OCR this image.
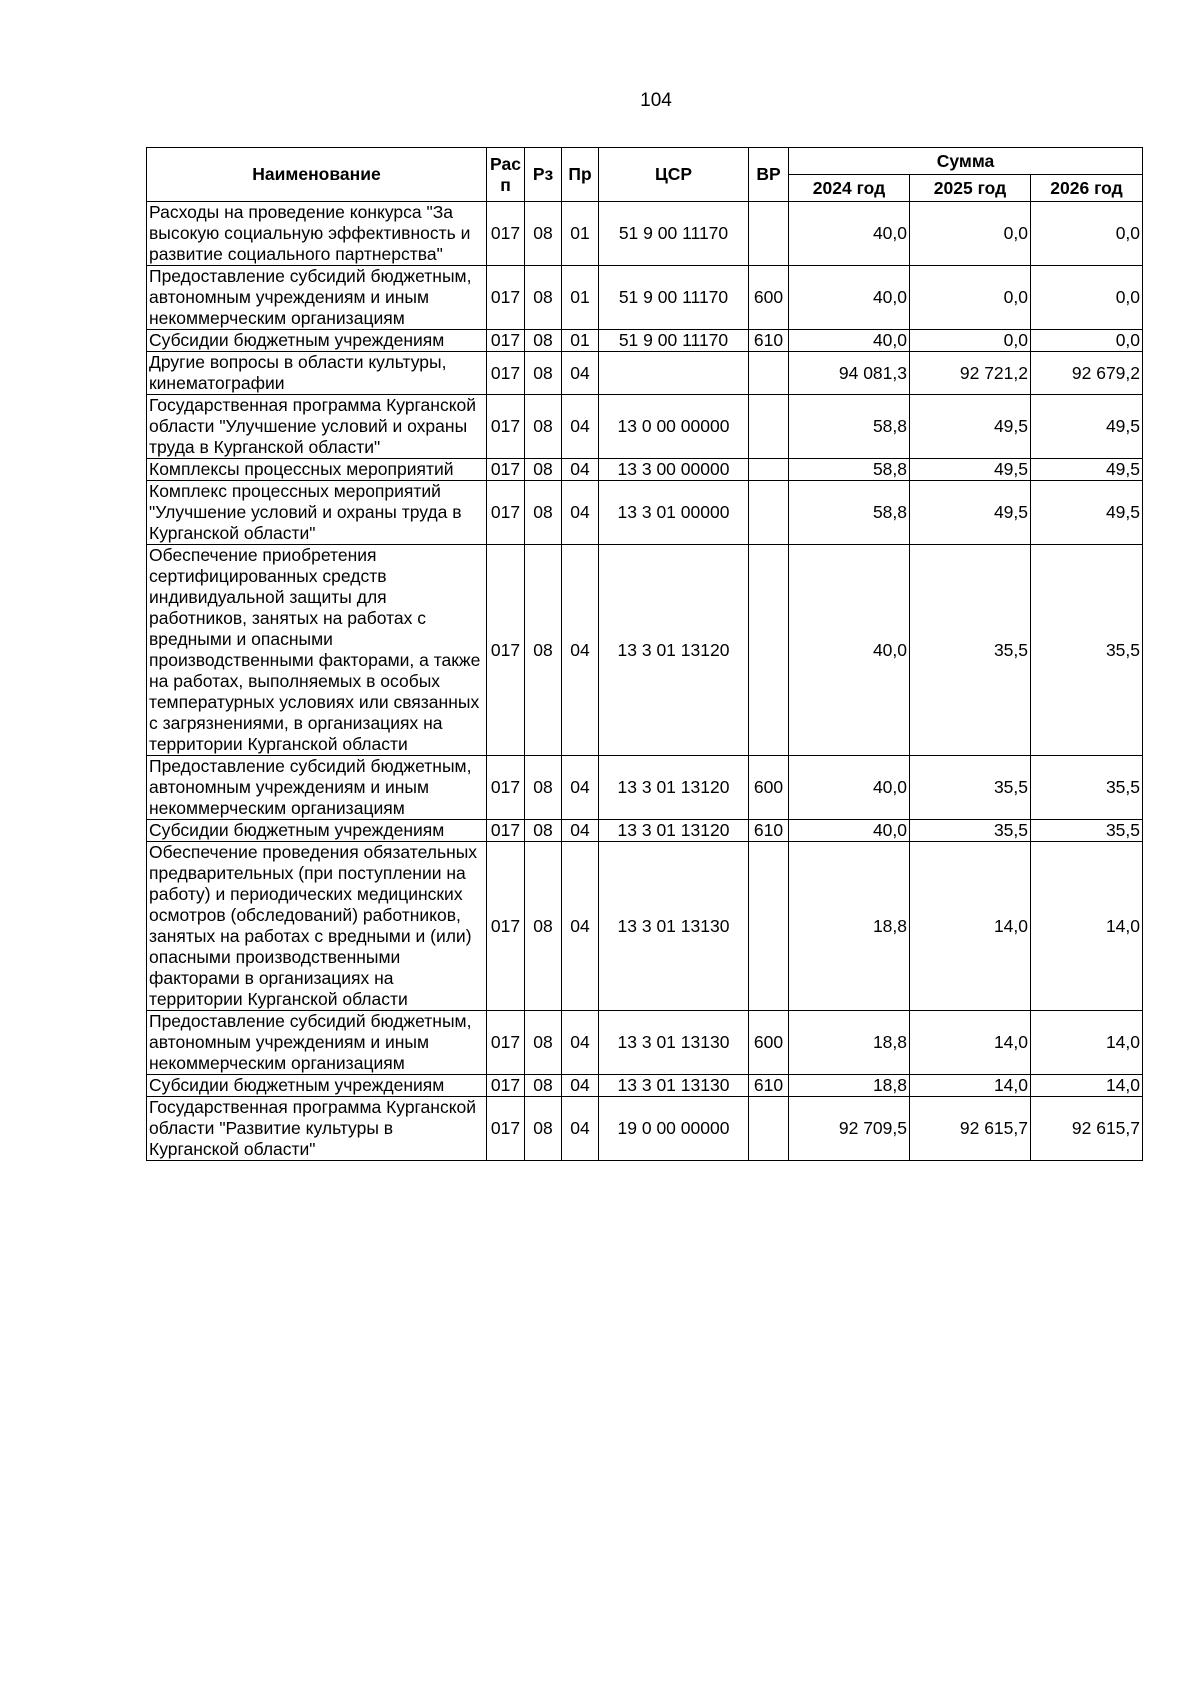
104
Наименование	Рас п	Рз	Пр	ЦСР	ВР	Сумма		
						2024 год	2025 год	2026 год
Расходы на проведение конкурса "За высокую социальную эффективность и развитие социального партнерства"	017	08	01	51 9 00 11170		40,0	0,0	0,0
Предоставление субсидий бюджетным, автономным учреждениям и иным некоммерческим организациям	017	08	01	51 9 00 11170	600	40,0	0,0	0,0
Субсидии бюджетным учреждениям	017	08	01	51 9 00 11170	610	40,0	0,0	0,0
Другие вопросы в области культуры, кинематографии	017	08	04			94 081,3	92 721,2	92 679,2
Государственная программа Курганской области "Улучшение условий и охраны труда в Курганской области"	017	08	04	13 0 00 00000		58,8	49,5	49,5
Комплексы процессных мероприятий	017	08	04	13 3 00 00000		58,8	49,5	49,5
Комплекс процессных мероприятий "Улучшение условий и охраны труда в Курганской области"	017	08	04	13 3 01 00000		58,8	49,5	49,5
Обеспечение приобретения сертифицированных средств индивидуальной защиты для работников, занятых на работах с вредными и опасными производственными факторами, а также на работах, выполняемых в особых температурных условиях или связанных с загрязнениями, в организациях на территории Курганской области	017	08	04	13 3 01 13120		40,0	35,5	35,5
Предоставление субсидий бюджетным, автономным учреждениям и иным некоммерческим организациям	017	08	04	13 3 01 13120	600	40,0	35,5	35,5
Субсидии бюджетным учреждениям	017	08	04	13 3 01 13120	610	40,0	35,5	35,5
Обеспечение проведения обязательных предварительных (при поступлении на работу) и периодических медицинских осмотров (обследований) работников, занятых на работах с вредными и (или) опасными производственными факторами в организациях на территории Курганской области	017	08	04	13 3 01 13130		18,8	14,0	14,0
Предоставление субсидий бюджетным, автономным учреждениям и иным некоммерческим организациям	017	08	04	13 3 01 13130	600	18,8	14,0	14,0
Субсидии бюджетным учреждениям	017	08	04	13 3 01 13130	610	18,8	14,0	14,0
Государственная программа Курганской области "Развитие культуры в Курганской области"	017	08	04	19 0 00 00000		92 709,5	92 615,7	92 615,7
